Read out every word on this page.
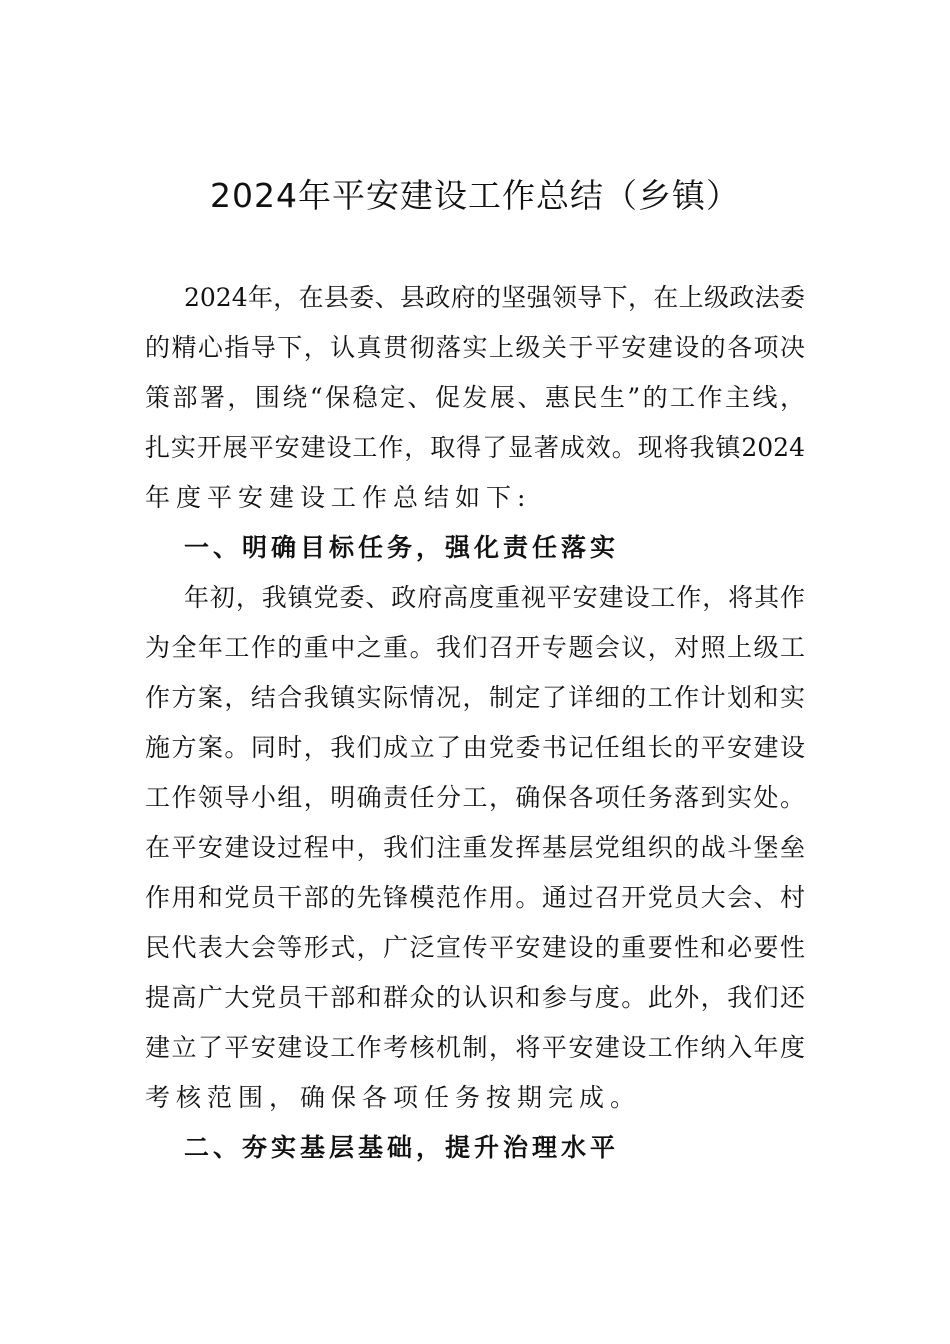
2024年平安建设工作总结（乡镇）
2024年，在县委、县政府的坚强领导下，在上级政法委
的精心指导下，认真贯彻落实上级关于平安建设的各项决
策部署，围绕“保稳定、促发展、惠民生”的工作主线，
扎实开展平安建设工作，取得了显著成效。现将我镇2024
年度平安建设工作总结如下:
一、明确目标任务，强化责任落实
年初，我镇党委、政府高度重视平安建设工作，将其作
为全年工作的重中之重。我们召开专题会议，对照上级工
作方案，结合我镇实际情况，制定了详细的工作计划和实
施方案。同时，我们成立了由党委书记任组长的平安建设
工作领导小组，明确责任分工，确保各项任务落到实处。
在平安建设过程中，我们注重发挥基层党组织的战斗堡垒
作用和党员干部的先锋模范作用。通过召开党员大会、村
民代表大会等形式，广泛宣传平安建设的重要性和必要性
提高广大党员干部和群众的认识和参与度。此外，我们还
建立了平安建设工作考核机制，将平安建设工作纳入年度
考核范围，确保各项任务按期完成。
二、夯实基层基础，提升治理水平
